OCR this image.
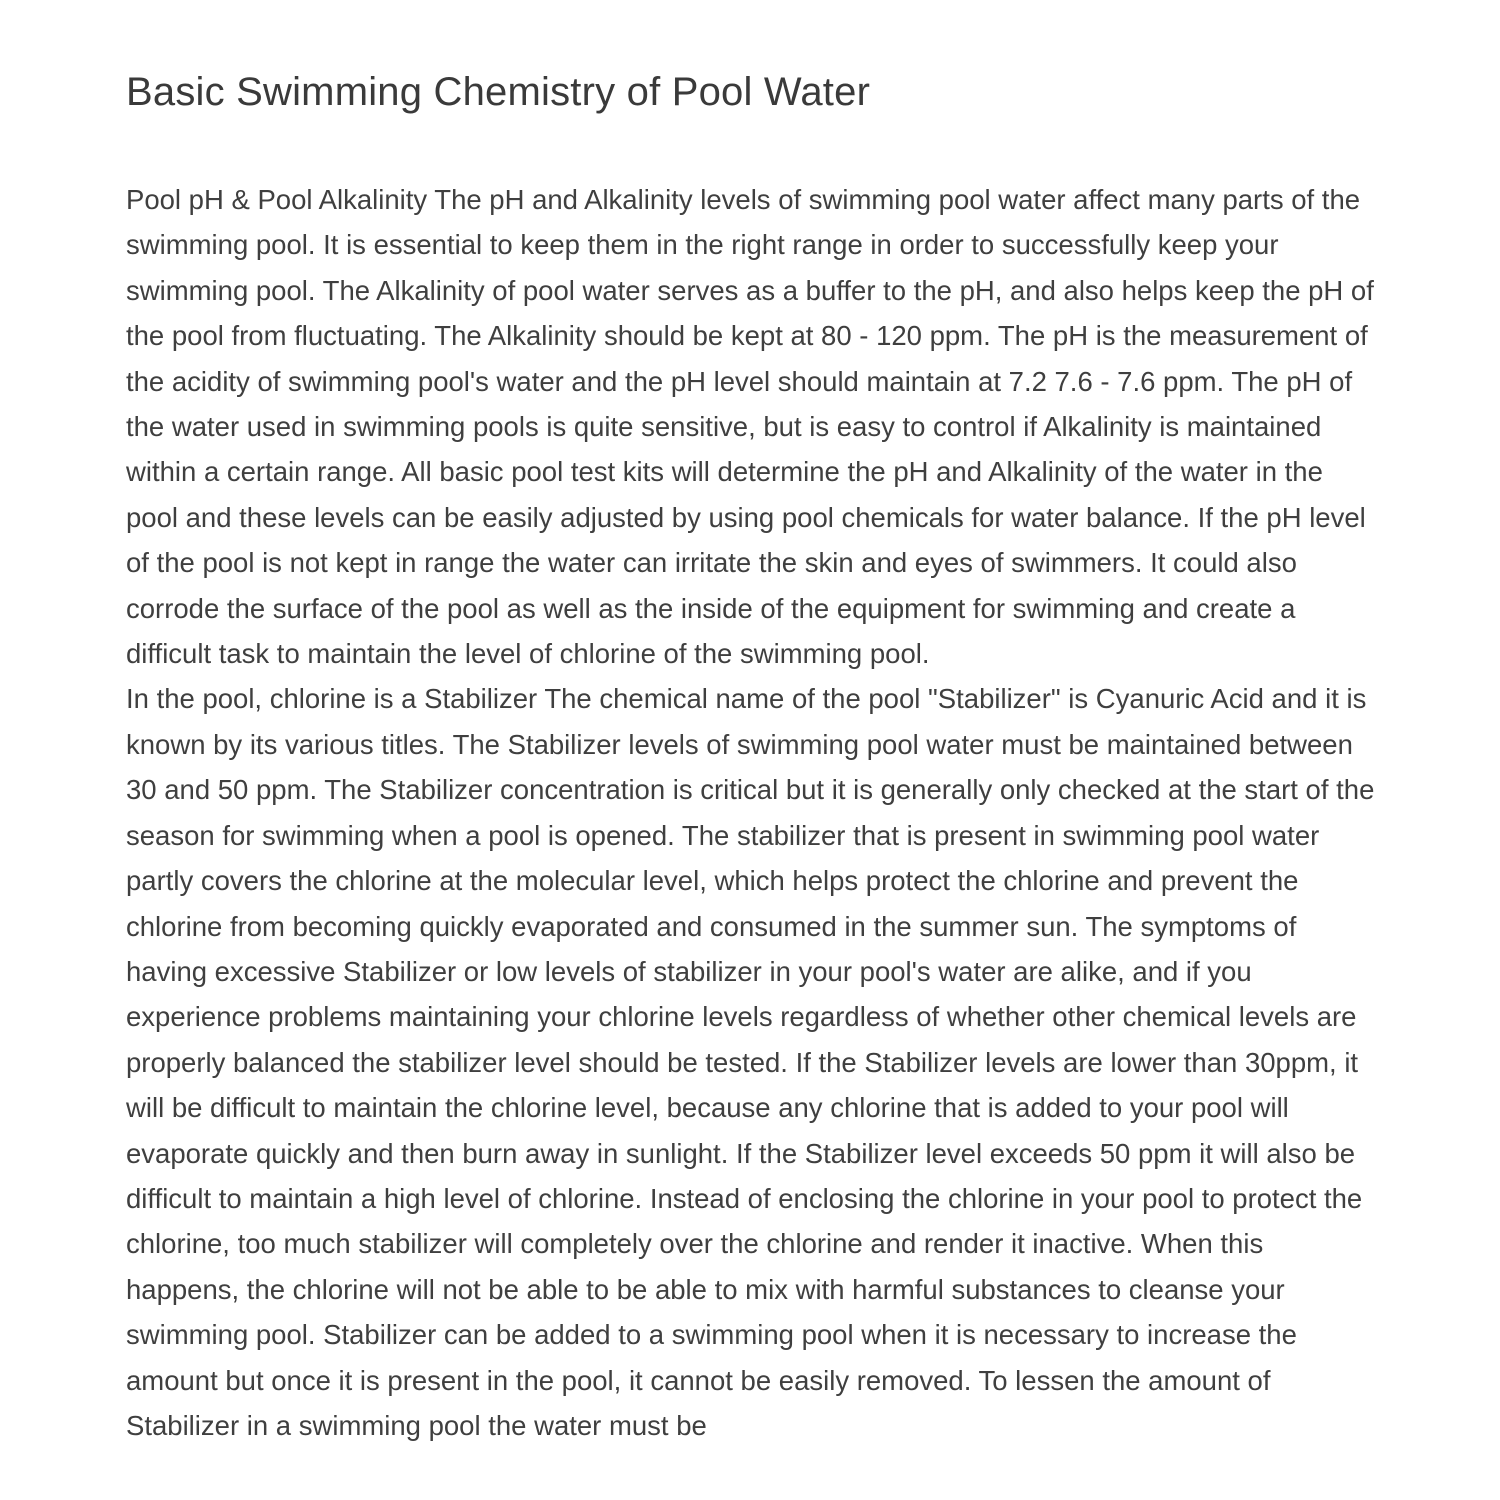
Basic Swimming Chemistry of Pool Water

Pool pH & Pool Alkalinity The pH and Alkalinity levels of swimming pool water affect many parts of the swimming pool. It is essential to keep them in the right range in order to successfully keep your swimming pool. The Alkalinity of pool water serves as a buffer to the pH, and also helps keep the pH of the pool from fluctuating. The Alkalinity should be kept at 80 - 120 ppm. The pH is the measurement of the acidity of swimming pool's water and the pH level should maintain at 7.2 7.6 - 7.6 ppm. The pH of the water used in swimming pools is quite sensitive, but is easy to control if Alkalinity is maintained within a certain range. All basic pool test kits will determine the pH and Alkalinity of the water in the pool and these levels can be easily adjusted by using pool chemicals for water balance. If the pH level of the pool is not kept in range the water can irritate the skin and eyes of swimmers. It could also corrode the surface of the pool as well as the inside of the equipment for swimming and create a difficult task to maintain the level of chlorine of the swimming pool.

In the pool, chlorine is a Stabilizer The chemical name of the pool "Stabilizer" is Cyanuric Acid and it is known by its various titles. The Stabilizer levels of swimming pool water must be maintained between 30 and 50 ppm. The Stabilizer concentration is critical but it is generally only checked at the start of the season for swimming when a pool is opened. The stabilizer that is present in swimming pool water partly covers the chlorine at the molecular level, which helps protect the chlorine and prevent the chlorine from becoming quickly evaporated and consumed in the summer sun. The symptoms of having excessive Stabilizer or low levels of stabilizer in your pool's water are alike, and if you experience problems maintaining your chlorine levels regardless of whether other chemical levels are properly balanced the stabilizer level should be tested. If the Stabilizer levels are lower than 30ppm, it will be difficult to maintain the chlorine level, because any chlorine that is added to your pool will evaporate quickly and then burn away in sunlight. If the Stabilizer level exceeds 50 ppm it will also be difficult to maintain a high level of chlorine. Instead of enclosing the chlorine in your pool to protect the chlorine, too much stabilizer will completely over the chlorine and render it inactive. When this happens, the chlorine will not be able to be able to mix with harmful substances to cleanse your swimming pool. Stabilizer can be added to a swimming pool when it is necessary to increase the amount but once it is present in the pool, it cannot be easily removed. To lessen the amount of Stabilizer in a swimming pool the water must be
